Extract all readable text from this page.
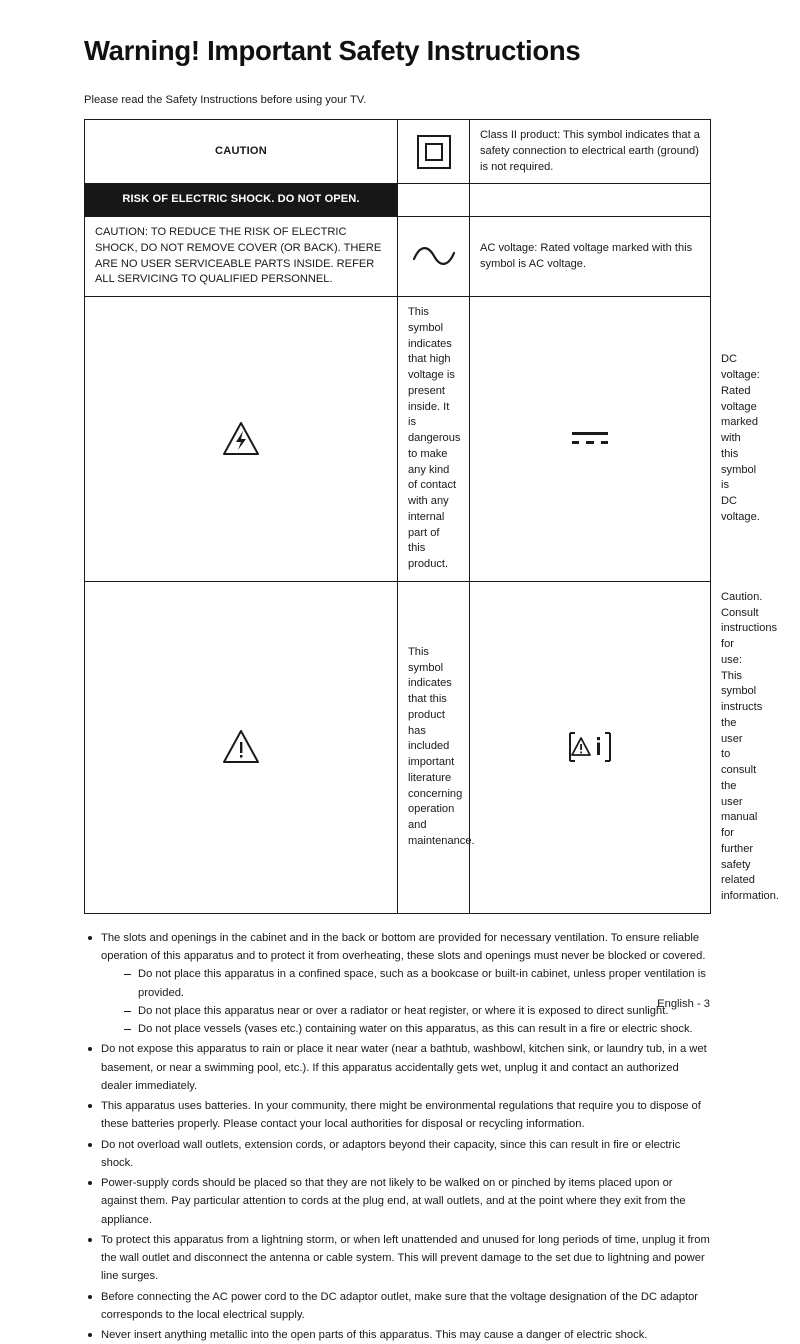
Warning! Important Safety Instructions

Please read the Safety Instructions before using your TV.

CAUTION		Class II product: This symbol indicates that a safety connection to electrical earth (ground) is not required.	
RISK OF ELECTRIC SHOCK. DO NOT OPEN.			
CAUTION: TO REDUCE THE RISK OF ELECTRIC SHOCK, DO NOT REMOVE COVER (OR BACK). THERE ARE NO USER SERVICEABLE PARTS INSIDE. REFER ALL SERVICING TO QUALIFIED PERSONNEL.		AC voltage: Rated voltage marked with this symbol is AC voltage.	

	This symbol indicates that high voltage is present inside. It is dangerous to make any kind of contact with any internal part of this product.		DC voltage: Rated voltage marked with this symbol is DC voltage.

	This symbol indicates that this product has included important literature concerning operation and maintenance.		Caution. Consult instructions for use: This symbol instructs the user to consult the user manual for further safety related information.
The slots and openings in the cabinet and in the back or bottom are provided for necessary ventilation. To ensure reliable operation of this apparatus and to protect it from overheating, these slots and openings must never be blocked or covered.
Do not place this apparatus in a confined space, such as a bookcase or built-in cabinet, unless proper ventilation is provided.
Do not place this apparatus near or over a radiator or heat register, or where it is exposed to direct sunlight.
Do not place vessels (vases etc.) containing water on this apparatus, as this can result in a fire or electric shock.
Do not expose this apparatus to rain or place it near water (near a bathtub, washbowl, kitchen sink, or laundry tub, in a wet basement, or near a swimming pool, etc.). If this apparatus accidentally gets wet, unplug it and contact an authorized dealer immediately.
This apparatus uses batteries. In your community, there might be environmental regulations that require you to dispose of these batteries properly. Please contact your local authorities for disposal or recycling information.
Do not overload wall outlets, extension cords, or adaptors beyond their capacity, since this can result in fire or electric shock.
Power-supply cords should be placed so that they are not likely to be walked on or pinched by items placed upon or against them. Pay particular attention to cords at the plug end, at wall outlets, and at the point where they exit from the appliance.
To protect this apparatus from a lightning storm, or when left unattended and unused for long periods of time, unplug it from the wall outlet and disconnect the antenna or cable system. This will prevent damage to the set due to lightning and power line surges.
Before connecting the AC power cord to the DC adaptor outlet, make sure that the voltage designation of the DC adaptor corresponds to the local electrical supply.
Never insert anything metallic into the open parts of this apparatus. This may cause a danger of electric shock.
English - 3
